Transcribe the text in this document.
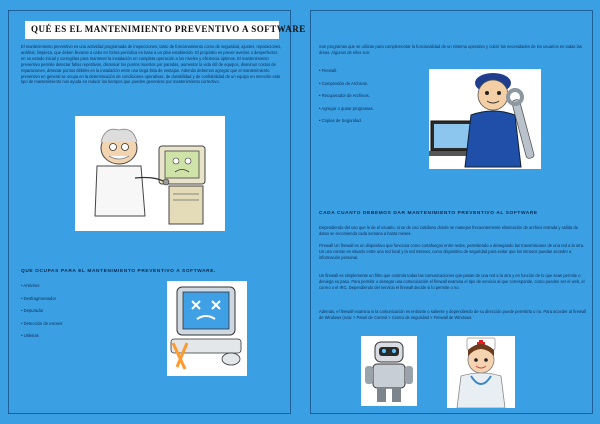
QUÉ ES EL MANTENIMIENTO PREVENTIVO A SOFTWARE

El mantenimiento preventivo es una actividad programada de inspecciones, tanto de funcionamiento como de seguridad, ajustes, reparaciones, análisis, limpieza, que deben llevarse a cabo en forma periódica en base a un plan establecido. El propósito es prever averías o desperfectos en su estado inicial y corregirlas para mantener la instalación en completa operación a los niveles y eficiencia óptimos. El mantenimiento preventivo permite detectar fallos repetitivos, disminuir los puntos muertos por paradas, aumentar la vida útil de equipos, disminuir costos de reparaciones, detectar puntos débiles en la instalación entre una larga lista de ventajas. Además debemos agregar que el mantenimiento preventivo en general se ocupa en la determinación de condiciones operativas, de durabilidad y de confiabilidad de un equipo en mención este tipo de mantenimiento nos ayuda en reducir los tiempos que pueden generarse por mantenimiento correctivo.

QUE OCUPAS PARA EL MANTENIMIENTO PREVENTIVO A SOFTWARE.

• Antivirus
• Desfragmentador
• Depurador
• Detección de errores
• Utilerias

Son programas que se utilizan para complementar la funcionalidad de un sistema operativo y cubrir las necesidades de los usuarios en todas las áreas. Algunos de ellos son:

• Firewall.
• Compresión de Archivos.
• Recuperador de Archivos.
• Agregar o quitar programas.
• Copias de Seguridad.

CADA CUANTO DEBEMOS DAR MANTENIMIENTO PREVENTIVO AL SOFTWARE

Dependiendo del uso que le de el usuario, si se de uso cotidiano donde se manejan frecuentemente eliminación de archivo entrada y salida de datos se recomienda cada semana a hasta meses.

Firewall Un firewall es un dispositivo que funciona como cortafuegos entre redes, permitiendo o denegando las transmisiones de una red a la otra. Un uso común es situarlo entre una red local y la red Internet, como dispositivo de seguridad para evitar que los intrusos puedan acceder a información personal.

Un firewall es simplemente un filtro que controla todas las comunicaciones que pasan de una red a la otra y en función de lo que sean permite o deniega su paso. Para permitir o denegar una comunicación el firewall examina el tipo de servicio al que corresponde, como pueden ser el web, el correo o el IRC. Dependiendo del servicio el firewall decide si lo permite o no.

Además, el firewall examina si la comunicación es entrante o saliente y dependiendo de su dirección puede permitirla o no. Para acceder al firewall de Windows (ruta: > Panel de Control > Centro de seguridad > Firewall de Windows.
